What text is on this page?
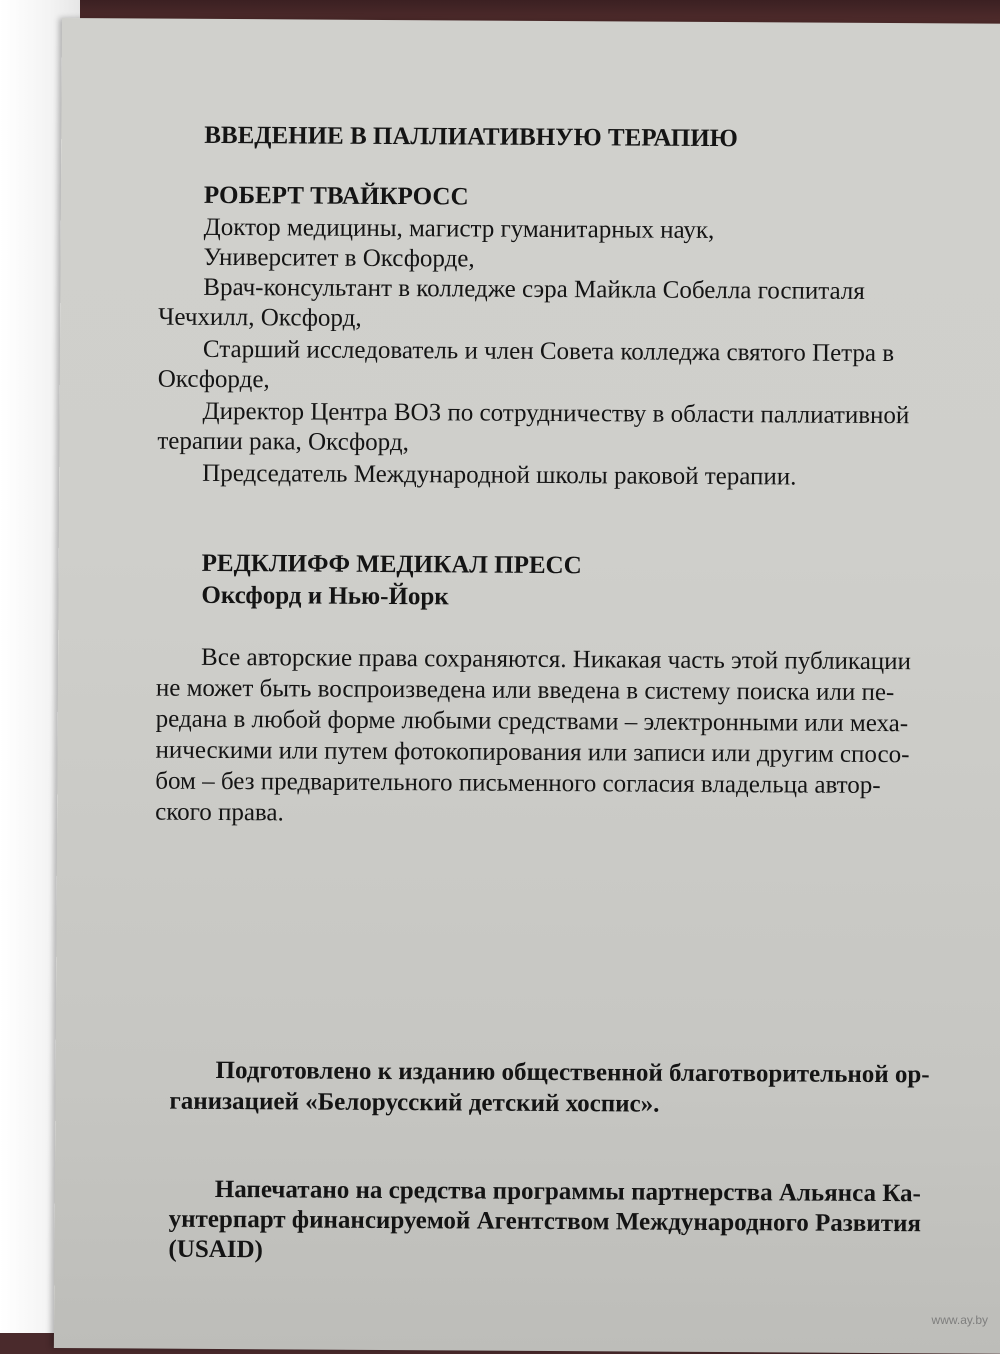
ВВЕДЕНИЕ В ПАЛЛИАТИВНУЮ ТЕРАПИЮ
РОБЕРТ ТВАЙКРОСС
Доктор медицины, магистр гуманитарных наук,
Университет в Оксфорде,
Врач-консультант в колледже сэра Майкла Собелла госпиталя
Чечхилл, Оксфорд,
Старший исследователь и член Совета колледжа святого Петра в
Оксфорде,
Директор Центра ВОЗ по сотрудничеству в области паллиативной
терапии рака, Оксфорд,
Председатель Международной школы раковой терапии.
РЕДКЛИФФ МЕДИКАЛ ПРЕСС
Оксфорд и Нью-Йорк
Все авторские права сохраняются. Никакая часть этой публикации
не может быть воспроизведена или введена в систему поиска или пе-
редана в любой форме любыми средствами – электронными или меха-
ническими или путем фотокопирования или записи или другим спосо-
бом – без предварительного письменного согласия владельца автор-
ского права.
Подготовлено к изданию общественной благотворительной ор-
ганизацией «Белорусский детский хоспис».
Напечатано на средства программы партнерства Альянса Ка-
унтерпарт финансируемой Агентством Международного Развития
(USAID)
www.ay.by
